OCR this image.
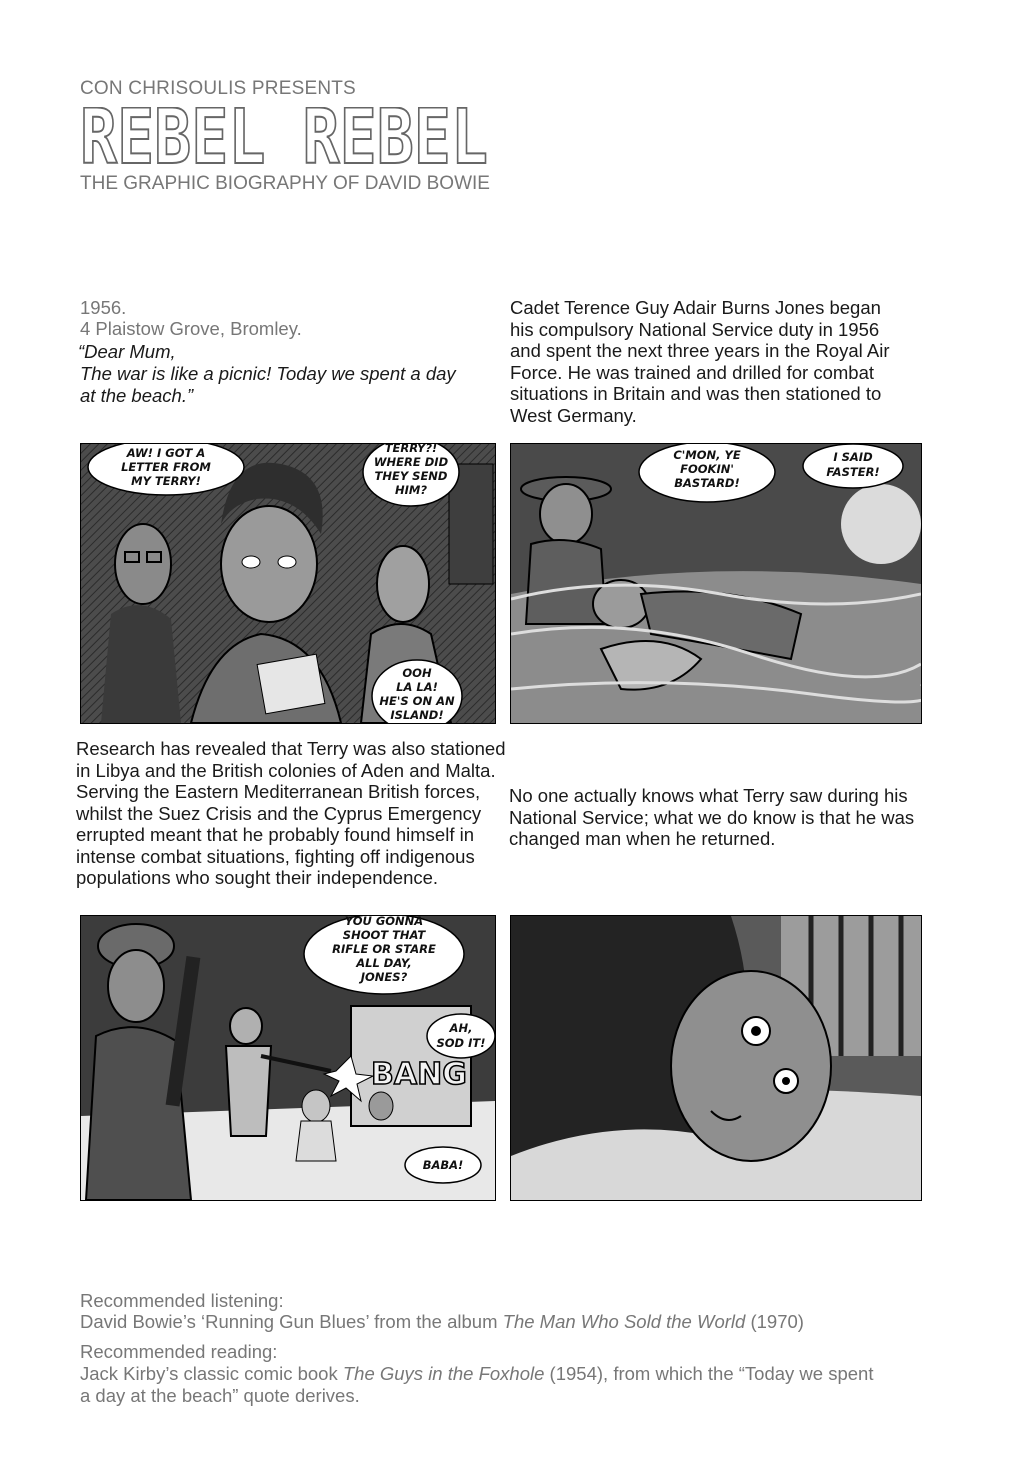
CON CHRISOULIS PRESENTS
REBEL REBEL
THE GRAPHIC BIOGRAPHY OF DAVID BOWIE
1956.
4 Plaistow Grove, Bromley.
“Dear Mum,
The war is like a picnic! Today we spent a day
at the beach.”
Cadet Terence Guy Adair Burns Jones began
his compulsory National Service duty in 1956
and spent the next three years in the Royal Air
Force. He was trained and drilled for combat
situations in Britain and was then stationed to
West Germany.
AW! I GOT A
LETTER FROM
MY TERRY!
TERRY?!
WHERE DID
THEY SEND
HIM?
OOH
LA LA!
HE'S ON AN
ISLAND!
C'MON, YE
FOOKIN'
BASTARD!
I SAID
FASTER!
Research has revealed that Terry was also stationed
in Libya and the British colonies of Aden and Malta.
Serving the Eastern Mediterranean British forces,
whilst the Suez Crisis and the Cyprus Emergency
errupted meant that he probably found himself in
intense combat situations, fighting off indigenous
populations who sought their independence.
No one actually knows what Terry saw during his
National Service; what we do know is that he was
changed man when he returned.
YOU GONNA
SHOOT THAT
RIFLE OR STARE
ALL DAY,
JONES?
AH,
SOD IT!
BANG
BABA!
Recommended listening:
David Bowie’s ‘Running Gun Blues’ from the album The Man Who Sold the World (1970)
Recommended reading:
Jack Kirby’s classic comic book The Guys in the Foxhole (1954), from which the “Today we spent
a day at the beach” quote derives.
